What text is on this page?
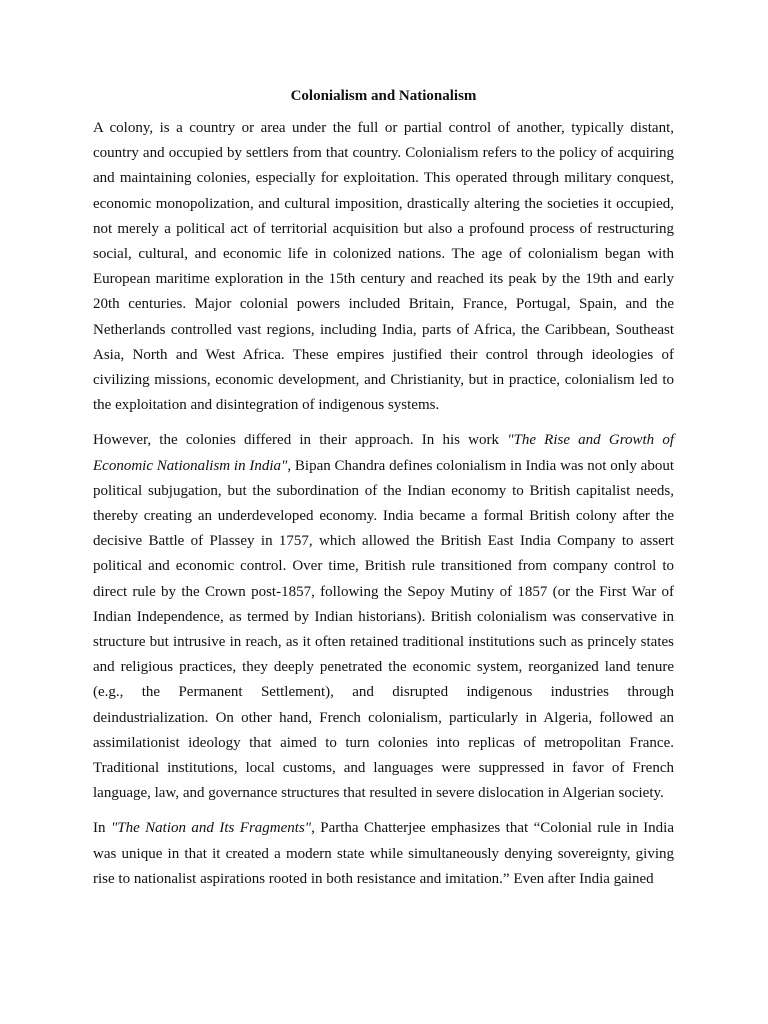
Colonialism and Nationalism

A colony, is a country or area under the full or partial control of another, typically distant, country and occupied by settlers from that country. Colonialism refers to the policy of acquiring and maintaining colonies, especially for exploitation. This operated through military conquest, economic monopolization, and cultural imposition, drastically altering the societies it occupied, not merely a political act of territorial acquisition but also a profound process of restructuring social, cultural, and economic life in colonized nations. The age of colonialism began with European maritime exploration in the 15th century and reached its peak by the 19th and early 20th centuries. Major colonial powers included Britain, France, Portugal, Spain, and the Netherlands controlled vast regions, including India, parts of Africa, the Caribbean, Southeast Asia, North and West Africa. These empires justified their control through ideologies of civilizing missions, economic development, and Christianity, but in practice, colonialism led to the exploitation and disintegration of indigenous systems.

However, the colonies differed in their approach. In his work "The Rise and Growth of Economic Nationalism in India", Bipan Chandra defines colonialism in India was not only about political subjugation, but the subordination of the Indian economy to British capitalist needs, thereby creating an underdeveloped economy. India became a formal British colony after the decisive Battle of Plassey in 1757, which allowed the British East India Company to assert political and economic control. Over time, British rule transitioned from company control to direct rule by the Crown post-1857, following the Sepoy Mutiny of 1857 (or the First War of Indian Independence, as termed by Indian historians). British colonialism was conservative in structure but intrusive in reach, as it often retained traditional institutions such as princely states and religious practices, they deeply penetrated the economic system, reorganized land tenure (e.g., the Permanent Settlement), and disrupted indigenous industries through deindustrialization. On other hand, French colonialism, particularly in Algeria, followed an assimilationist ideology that aimed to turn colonies into replicas of metropolitan France. Traditional institutions, local customs, and languages were suppressed in favor of French language, law, and governance structures that resulted in severe dislocation in Algerian society.

In "The Nation and Its Fragments", Partha Chatterjee emphasizes that “Colonial rule in India was unique in that it created a modern state while simultaneously denying sovereignty, giving rise to nationalist aspirations rooted in both resistance and imitation.” Even after India gained
